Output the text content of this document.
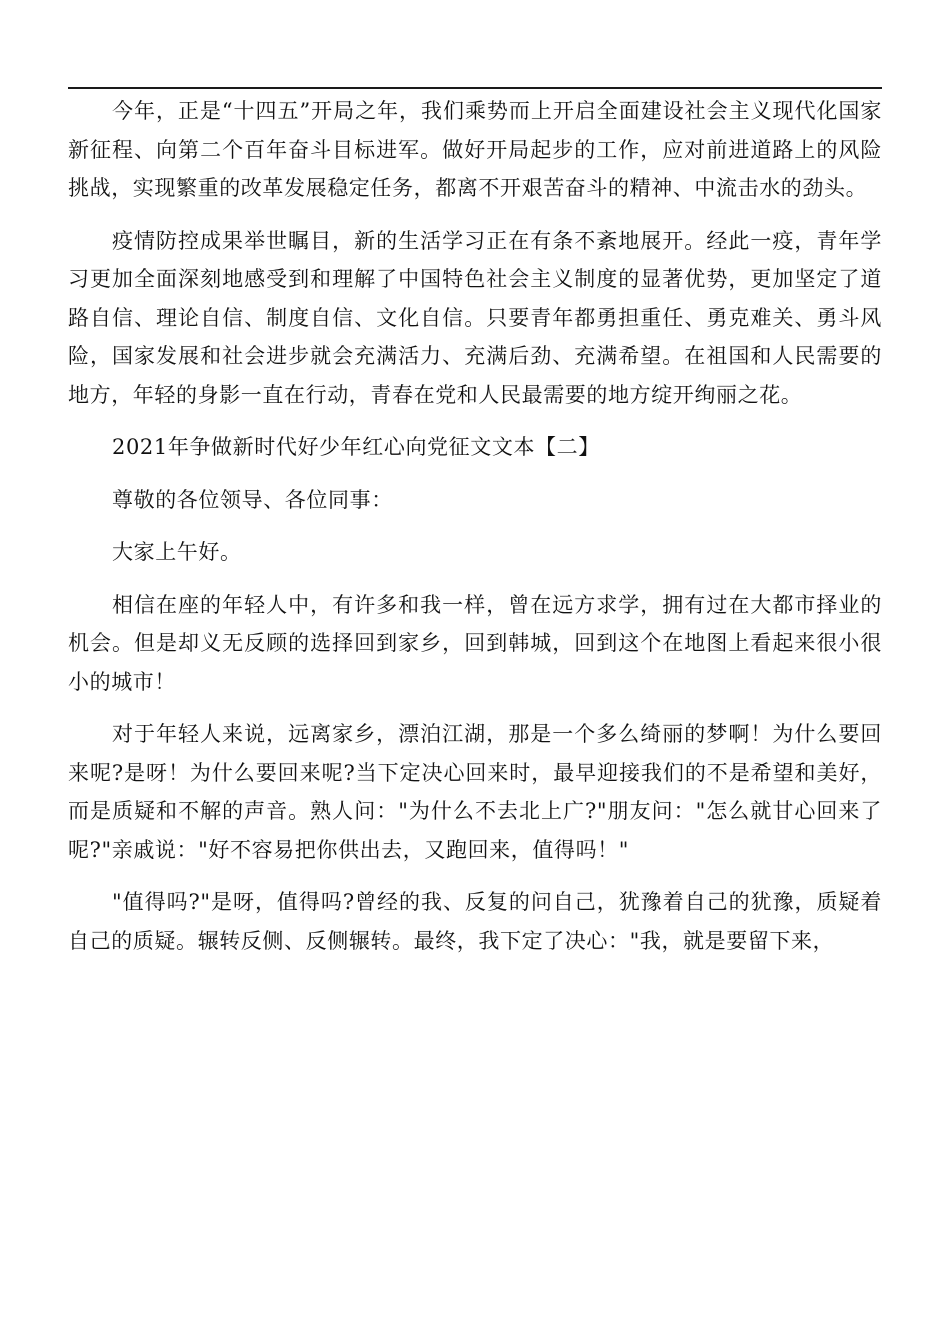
今年，正是“十四五”开局之年，我们乘势而上开启全面建设社会主义现代化国家新征程、向第二个百年奋斗目标进军。做好开局起步的工作，应对前进道路上的风险挑战，实现繁重的改革发展稳定任务，都离不开艰苦奋斗的精神、中流击水的劲头。

疫情防控成果举世瞩目，新的生活学习正在有条不紊地展开。经此一疫，青年学习更加全面深刻地感受到和理解了中国特色社会主义制度的显著优势，更加坚定了道路自信、理论自信、制度自信、文化自信。只要青年都勇担重任、勇克难关、勇斗风险，国家发展和社会进步就会充满活力、充满后劲、充满希望。在祖国和人民需要的地方，年轻的身影一直在行动，青春在党和人民最需要的地方绽开绚丽之花。

2021年争做新时代好少年红心向党征文文本【二】

尊敬的各位领导、各位同事：

大家上午好。

相信在座的年轻人中，有许多和我一样，曾在远方求学，拥有过在大都市择业的机会。但是却义无反顾的选择回到家乡，回到韩城，回到这个在地图上看起来很小很小的城市！

对于年轻人来说，远离家乡，漂泊江湖，那是一个多么绮丽的梦啊！为什么要回来呢?是呀！为什么要回来呢?当下定决心回来时，最早迎接我们的不是希望和美好，而是质疑和不解的声音。熟人问："为什么不去北上广?"朋友问："怎么就甘心回来了呢?"亲戚说："好不容易把你供出去，又跑回来，值得吗！"

"值得吗?"是呀，值得吗?曾经的我、反复的问自己，犹豫着自己的犹豫，质疑着自己的质疑。辗转反侧、反侧辗转。最终，我下定了决心："我，就是要留下来，
